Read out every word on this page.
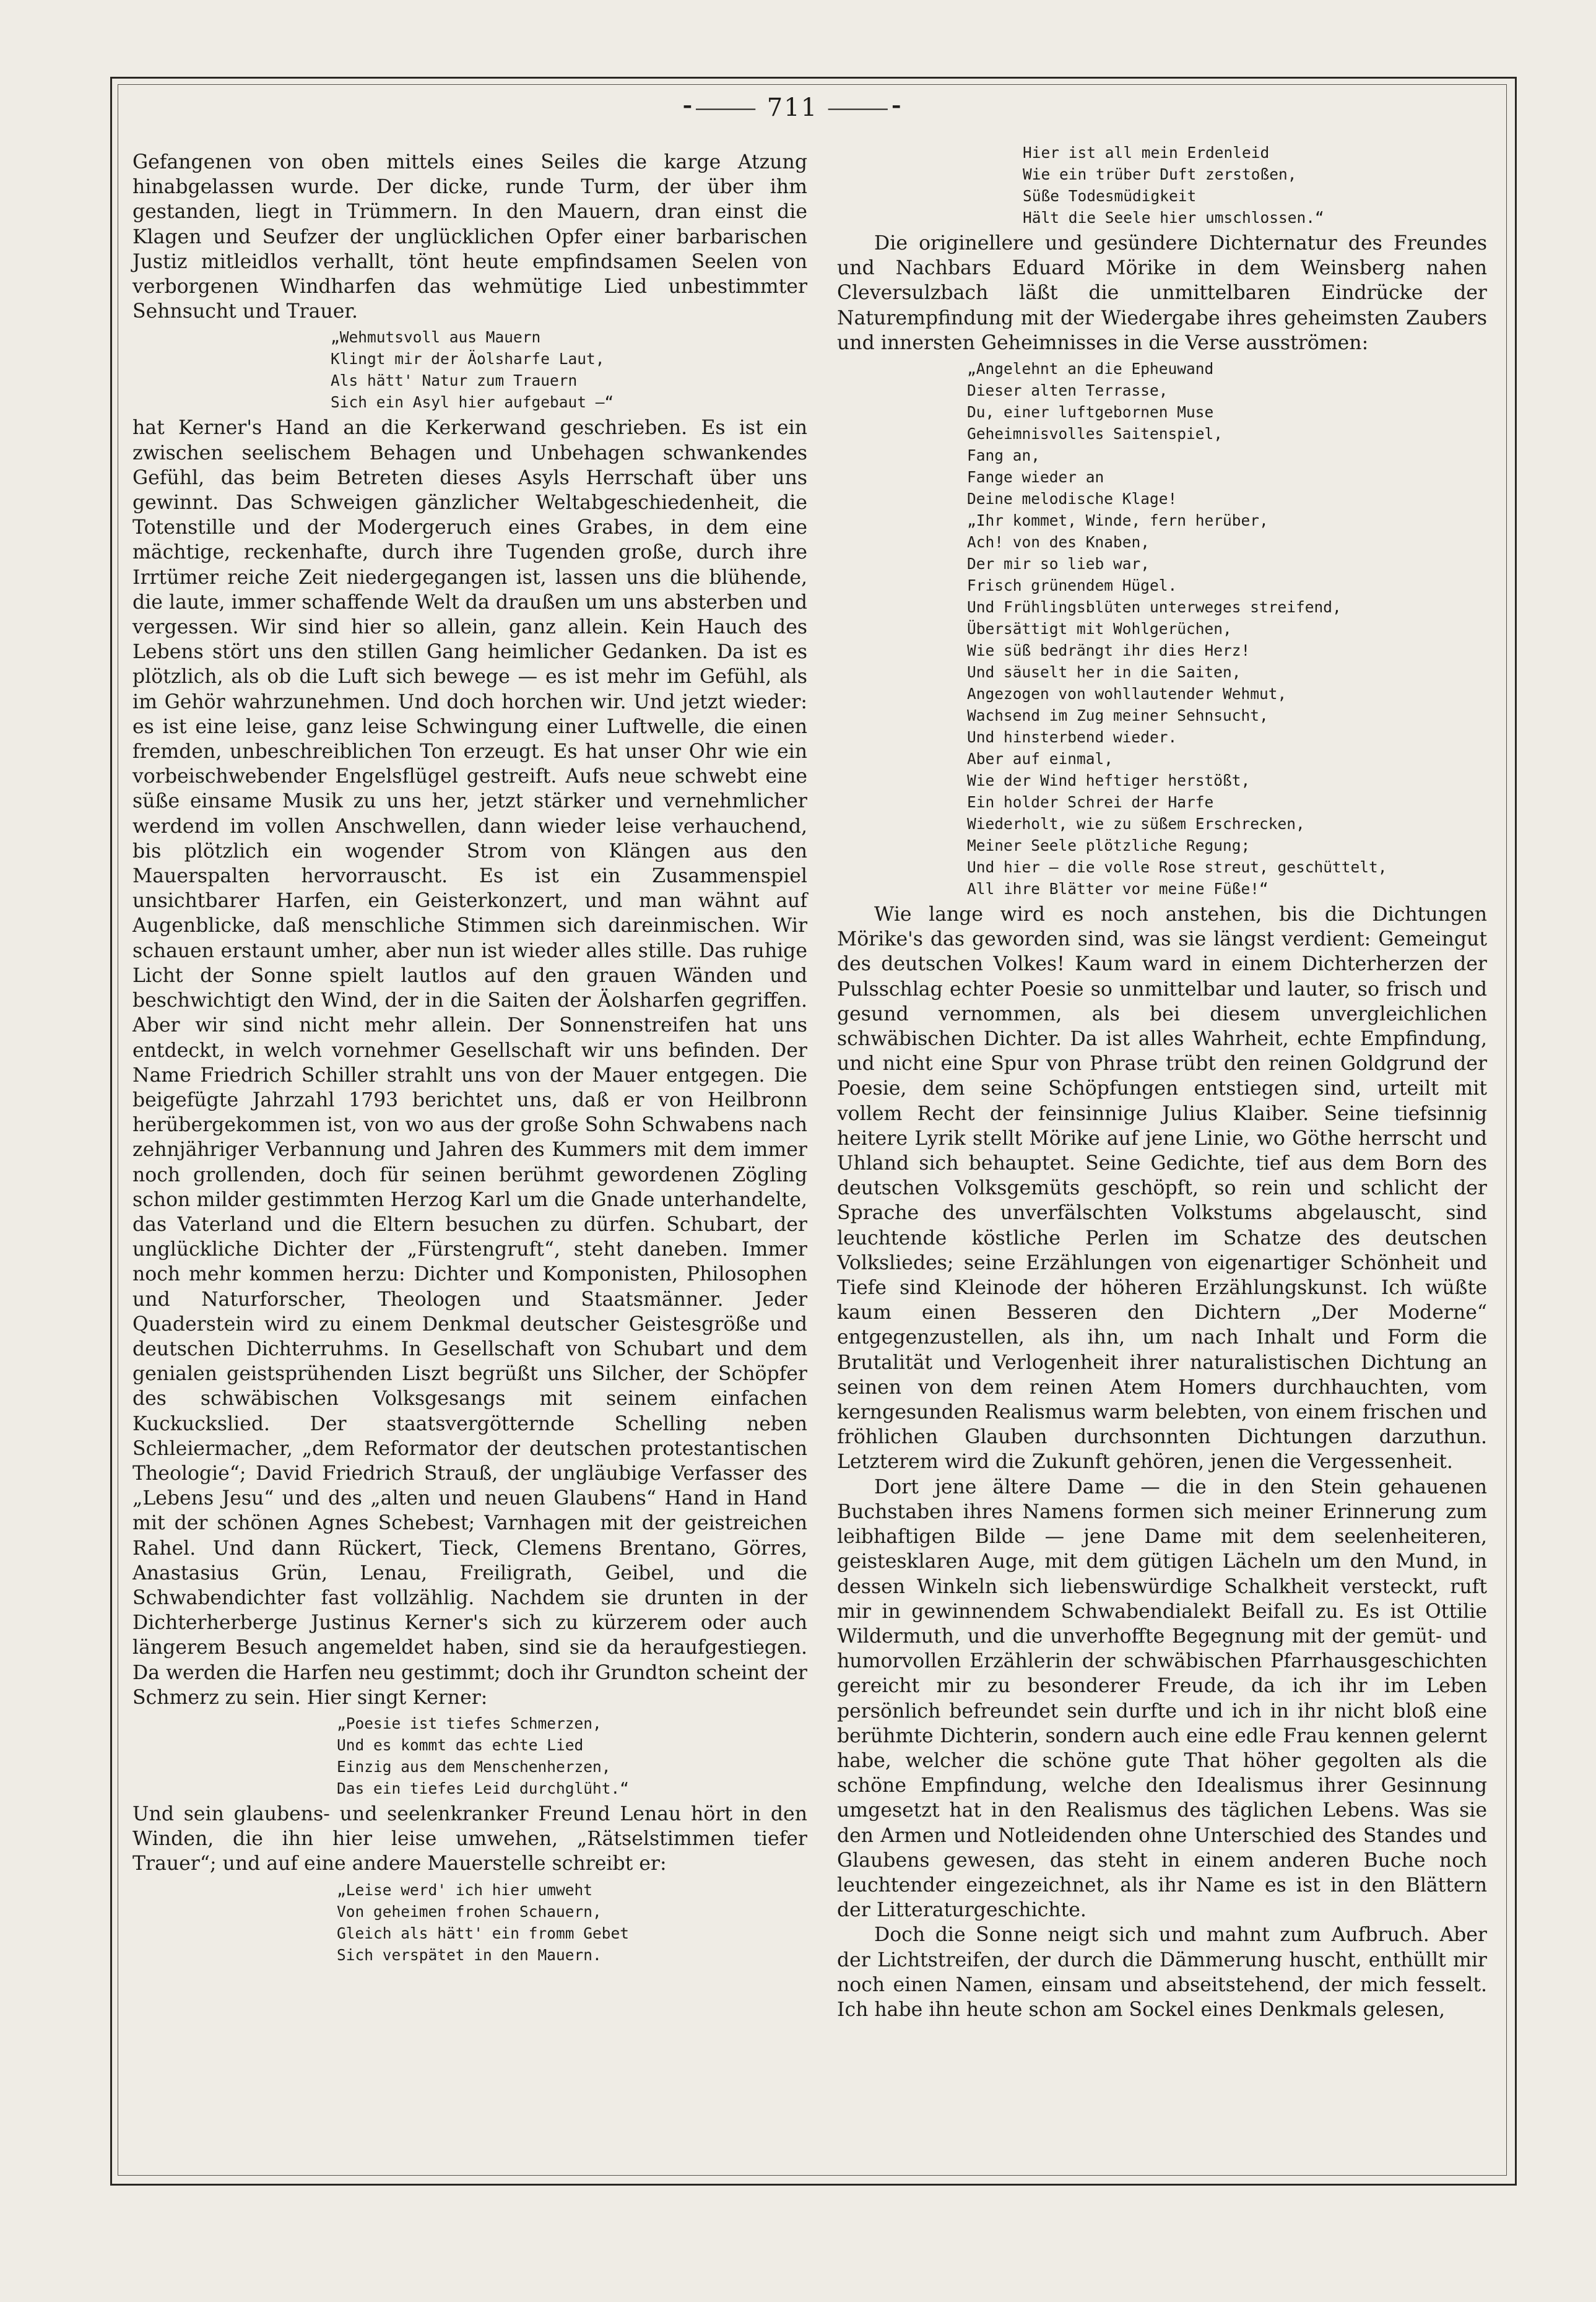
⁃⸻ 711 ⸻⁃

Gefangenen von oben mittels eines Seiles die karge Atzung hinabgelassen wurde. Der dicke, runde Turm, der über ihm gestanden, liegt in Trümmern. In den Mauern, dran einst die Klagen und Seufzer der unglücklichen Opfer einer barbarischen Justiz mitleidlos verhallt, tönt heute empfindsamen Seelen von verborgenen Windharfen das wehmütige Lied unbestimmter Sehnsucht und Trauer.

„Wehmutsvoll aus Mauern
Klingt mir der Äolsharfe Laut,
Als hätt' Natur zum Trauern
Sich ein Asyl hier aufgebaut —“

hat Kerner's Hand an die Kerkerwand geschrieben. Es ist ein zwischen seelischem Behagen und Unbehagen schwankendes Gefühl, das beim Betreten dieses Asyls Herrschaft über uns gewinnt. Das Schweigen gänzlicher Weltabgeschiedenheit, die Totenstille und der Modergeruch eines Grabes, in dem eine mächtige, reckenhafte, durch ihre Tugenden große, durch ihre Irrtümer reiche Zeit niedergegangen ist, lassen uns die blühende, die laute, immer schaffende Welt da draußen um uns absterben und vergessen. Wir sind hier so allein, ganz allein. Kein Hauch des Lebens stört uns den stillen Gang heimlicher Gedanken. Da ist es plötzlich, als ob die Luft sich bewege — es ist mehr im Gefühl, als im Gehör wahrzunehmen. Und doch horchen wir. Und jetzt wieder: es ist eine leise, ganz leise Schwingung einer Luftwelle, die einen fremden, unbeschreiblichen Ton erzeugt. Es hat unser Ohr wie ein vorbeischwebender Engelsflügel gestreift. Aufs neue schwebt eine süße einsame Musik zu uns her, jetzt stärker und vernehmlicher werdend im vollen Anschwellen, dann wieder leise verhauchend, bis plötzlich ein wogender Strom von Klängen aus den Mauerspalten hervorrauscht. Es ist ein Zusammenspiel unsichtbarer Harfen, ein Geisterkonzert, und man wähnt auf Augenblicke, daß menschliche Stimmen sich dareinmischen. Wir schauen erstaunt umher, aber nun ist wieder alles stille. Das ruhige Licht der Sonne spielt lautlos auf den grauen Wänden und beschwichtigt den Wind, der in die Saiten der Äolsharfen gegriffen. Aber wir sind nicht mehr allein. Der Sonnenstreifen hat uns entdeckt, in welch vornehmer Gesellschaft wir uns befinden. Der Name Friedrich Schiller strahlt uns von der Mauer entgegen. Die beigefügte Jahrzahl 1793 berichtet uns, daß er von Heilbronn herübergekommen ist, von wo aus der große Sohn Schwabens nach zehnjähriger Verbannung und Jahren des Kummers mit dem immer noch grollenden, doch für seinen berühmt gewordenen Zögling schon milder gestimmten Herzog Karl um die Gnade unterhandelte, das Vaterland und die Eltern besuchen zu dürfen. Schubart, der unglückliche Dichter der „Fürstengruft“, steht daneben. Immer noch mehr kommen herzu: Dichter und Komponisten, Philosophen und Naturforscher, Theologen und Staatsmänner. Jeder Quaderstein wird zu einem Denkmal deutscher Geistesgröße und deutschen Dichterruhms. In Gesellschaft von Schubart und dem genialen geistsprühenden Liszt begrüßt uns Silcher, der Schöpfer des schwäbischen Volksgesangs mit seinem einfachen Kuckuckslied. Der staatsvergötternde Schelling neben Schleiermacher, „dem Reformator der deutschen protestantischen Theologie“; David Friedrich Strauß, der ungläubige Verfasser des „Lebens Jesu“ und des „alten und neuen Glaubens“ Hand in Hand mit der schönen Agnes Schebest; Varnhagen mit der geistreichen Rahel. Und dann Rückert, Tieck, Clemens Brentano, Görres, Anastasius Grün, Lenau, Freiligrath, Geibel, und die Schwabendichter fast vollzählig. Nachdem sie drunten in der Dichterherberge Justinus Kerner's sich zu kürzerem oder auch längerem Besuch angemeldet haben, sind sie da heraufgestiegen. Da werden die Harfen neu gestimmt; doch ihr Grundton scheint der Schmerz zu sein. Hier singt Kerner:

„Poesie ist tiefes Schmerzen,
Und es kommt das echte Lied
Einzig aus dem Menschenherzen,
Das ein tiefes Leid durchglüht.“

Und sein glaubens- und seelenkranker Freund Lenau hört in den Winden, die ihn hier leise umwehen, „Rätselstimmen tiefer Trauer“; und auf eine andere Mauerstelle schreibt er:

„Leise werd' ich hier umweht
Von geheimen frohen Schauern,
Gleich als hätt' ein fromm Gebet
Sich verspätet in den Mauern.
Hier ist all mein Erdenleid
Wie ein trüber Duft zerstoßen,
Süße Todesmüdigkeit
Hält die Seele hier umschlossen.“

Die originellere und gesündere Dichternatur des Freundes und Nachbars Eduard Mörike in dem Weinsberg nahen Cleversulzbach läßt die unmittelbaren Eindrücke der Naturempfindung mit der Wiedergabe ihres geheimsten Zaubers und innersten Geheimnisses in die Verse ausströmen:

„Angelehnt an die Epheuwand
Dieser alten Terrasse,
Du, einer luftgebornen Muse
Geheimnisvolles Saitenspiel,
Fang an,
Fange wieder an
Deine melodische Klage!
„Ihr kommet, Winde, fern herüber,
Ach! von des Knaben,
Der mir so lieb war,
Frisch grünendem Hügel.
Und Frühlingsblüten unterweges streifend,
Übersättigt mit Wohlgerüchen,
Wie süß bedrängt ihr dies Herz!
Und säuselt her in die Saiten,
Angezogen von wohllautender Wehmut,
Wachsend im Zug meiner Sehnsucht,
Und hinsterbend wieder.
Aber auf einmal,
Wie der Wind heftiger herstößt,
Ein holder Schrei der Harfe
Wiederholt, wie zu süßem Erschrecken,
Meiner Seele plötzliche Regung;
Und hier — die volle Rose streut, geschüttelt,
All ihre Blätter vor meine Füße!“

Wie lange wird es noch anstehen, bis die Dichtungen Mörike's das geworden sind, was sie längst verdient: Gemeingut des deutschen Volkes! Kaum ward in einem Dichterherzen der Pulsschlag echter Poesie so unmittelbar und lauter, so frisch und gesund vernommen, als bei diesem unvergleichlichen schwäbischen Dichter. Da ist alles Wahrheit, echte Empfindung, und nicht eine Spur von Phrase trübt den reinen Goldgrund der Poesie, dem seine Schöpfungen entstiegen sind, urteilt mit vollem Recht der feinsinnige Julius Klaiber. Seine tiefsinnig heitere Lyrik stellt Mörike auf jene Linie, wo Göthe herrscht und Uhland sich behauptet. Seine Gedichte, tief aus dem Born des deutschen Volksgemüts geschöpft, so rein und schlicht der Sprache des unverfälschten Volkstums abgelauscht, sind leuchtende köstliche Perlen im Schatze des deutschen Volksliedes; seine Erzählungen von eigenartiger Schönheit und Tiefe sind Kleinode der höheren Erzählungskunst. Ich wüßte kaum einen Besseren den Dichtern „Der Moderne“ entgegenzustellen, als ihn, um nach Inhalt und Form die Brutalität und Verlogenheit ihrer naturalistischen Dichtung an seinen von dem reinen Atem Homers durchhauchten, vom kerngesunden Realismus warm belebten, von einem frischen und fröhlichen Glauben durchsonnten Dichtungen darzuthun. Letzterem wird die Zukunft gehören, jenen die Vergessenheit.

Dort jene ältere Dame — die in den Stein gehauenen Buchstaben ihres Namens formen sich meiner Erinnerung zum leibhaftigen Bilde — jene Dame mit dem seelenheiteren, geistesklaren Auge, mit dem gütigen Lächeln um den Mund, in dessen Winkeln sich liebenswürdige Schalkheit versteckt, ruft mir in gewinnendem Schwabendialekt Beifall zu. Es ist Ottilie Wildermuth, und die unverhoffte Begegnung mit der gemüt- und humorvollen Erzählerin der schwäbischen Pfarrhausgeschichten gereicht mir zu besonderer Freude, da ich ihr im Leben persönlich befreundet sein durfte und ich in ihr nicht bloß eine berühmte Dichterin, sondern auch eine edle Frau kennen gelernt habe, welcher die schöne gute That höher gegolten als die schöne Empfindung, welche den Idealismus ihrer Gesinnung umgesetzt hat in den Realismus des täglichen Lebens. Was sie den Armen und Notleidenden ohne Unterschied des Standes und Glaubens gewesen, das steht in einem anderen Buche noch leuchtender eingezeichnet, als ihr Name es ist in den Blättern der Litteraturgeschichte.

Doch die Sonne neigt sich und mahnt zum Aufbruch. Aber der Lichtstreifen, der durch die Dämmerung huscht, enthüllt mir noch einen Namen, einsam und abseitstehend, der mich fesselt. Ich habe ihn heute schon am Sockel eines Denkmals gelesen,
